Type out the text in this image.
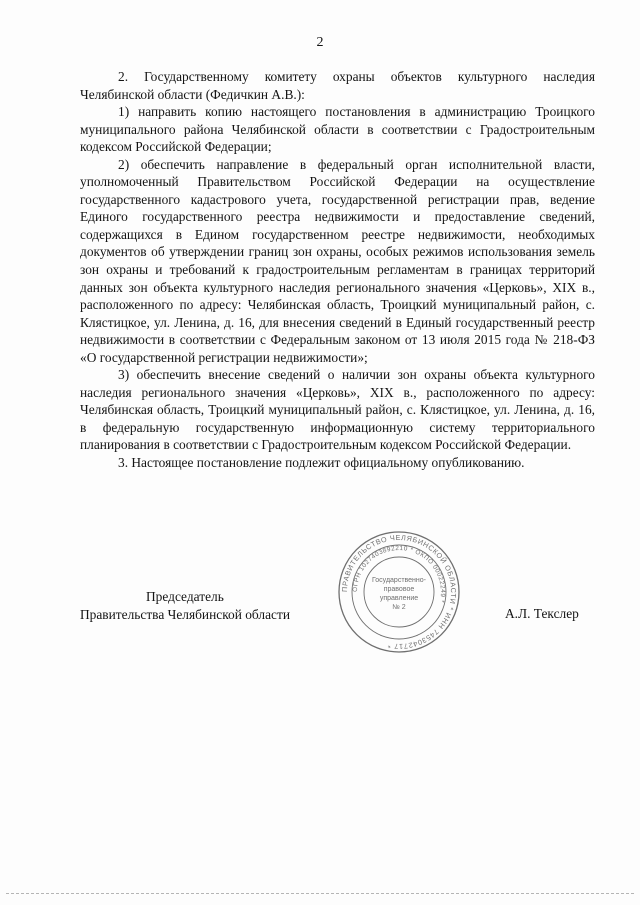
2

2. Государственному комитету охраны объектов культурного наследия Челябинской области (Федичкин А.В.):

1) направить копию настоящего постановления в администрацию Троицкого муниципального района Челябинской области в соответствии с Градостроительным кодексом Российской Федерации;

2) обеспечить направление в федеральный орган исполнительной власти, уполномоченный Правительством Российской Федерации на осуществление государственного кадастрового учета, государственной регистрации прав, ведение Единого государственного реестра недвижимости и предоставление сведений, содержащихся в Едином государственном реестре недвижимости, необходимых документов об утверждении границ зон охраны, особых режимов использования земель зон охраны и требований к градостроительным регламентам в границах территорий данных зон объекта культурного наследия регионального значения «Церковь», XIX в., расположенного по адресу: Челябинская область, Троицкий муниципальный район, с. Клястицкое, ул. Ленина, д. 16, для внесения сведений в Единый государственный реестр недвижимости в соответствии с Федеральным законом от 13 июля 2015 года № 218-ФЗ «О государственной регистрации недвижимости»;

3) обеспечить внесение сведений о наличии зон охраны объекта культурного наследия регионального значения «Церковь», XIX в., расположенного по адресу: Челябинская область, Троицкий муниципальный район, с. Клястицкое, ул. Ленина, д. 16, в федеральную государственную информационную систему территориального планирования в соответствии с Градостроительным кодексом Российской Федерации.

3. Настоящее постановление подлежит официальному опубликованию.

Председатель
Правительства Челябинской области
ПРАВИТЕЛЬСТВО ЧЕЛЯБИНСКОЙ ОБЛАСТИ * ИНН 7453042717 *
ОГРН 1027403892210 * ОКПО 00022249 *
Государственно-
правовое
управление
№ 2	А.Л. Текслер
